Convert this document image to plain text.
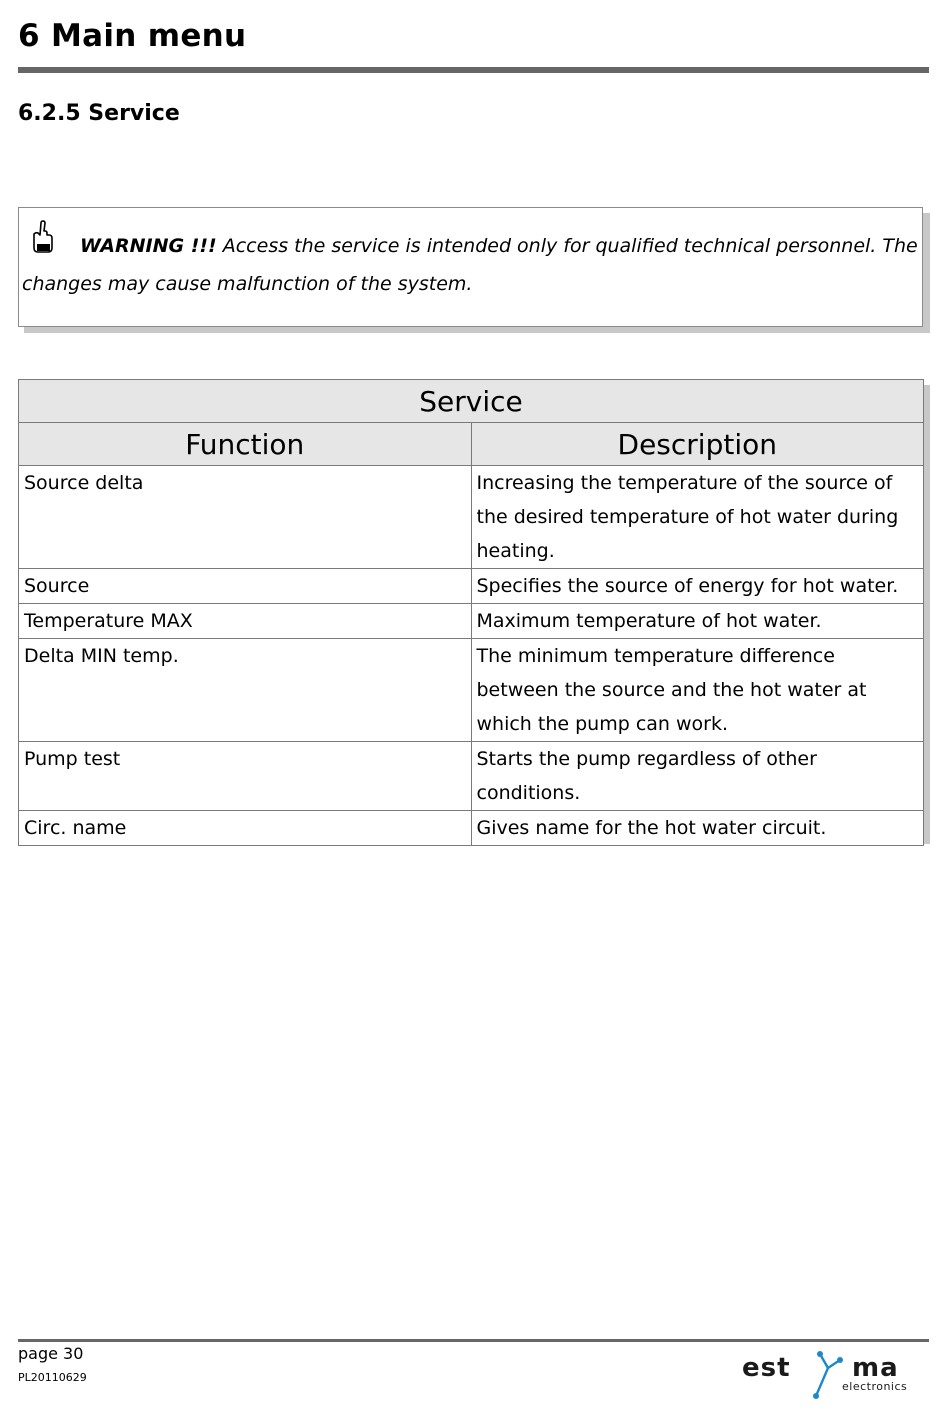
6 Main menu
6.2.5 Service
WARNING !!! Access the service is intended only for qualified technical personnel. The changes may cause malfunction of the system.
Service	
Function	Description
Source delta	Increasing the temperature of the source of the desired temperature of hot water during heating.
Source	Specifies the source of energy for hot water.
Temperature MAX	Maximum temperature of hot water.
Delta MIN temp.	The minimum temperature difference between the source and the hot water at which the pump can work.
Pump test	Starts the pump regardless of other conditions.
Circ. name	Gives name for the hot water circuit.
page 30
PL20110629	est ma
electronics
